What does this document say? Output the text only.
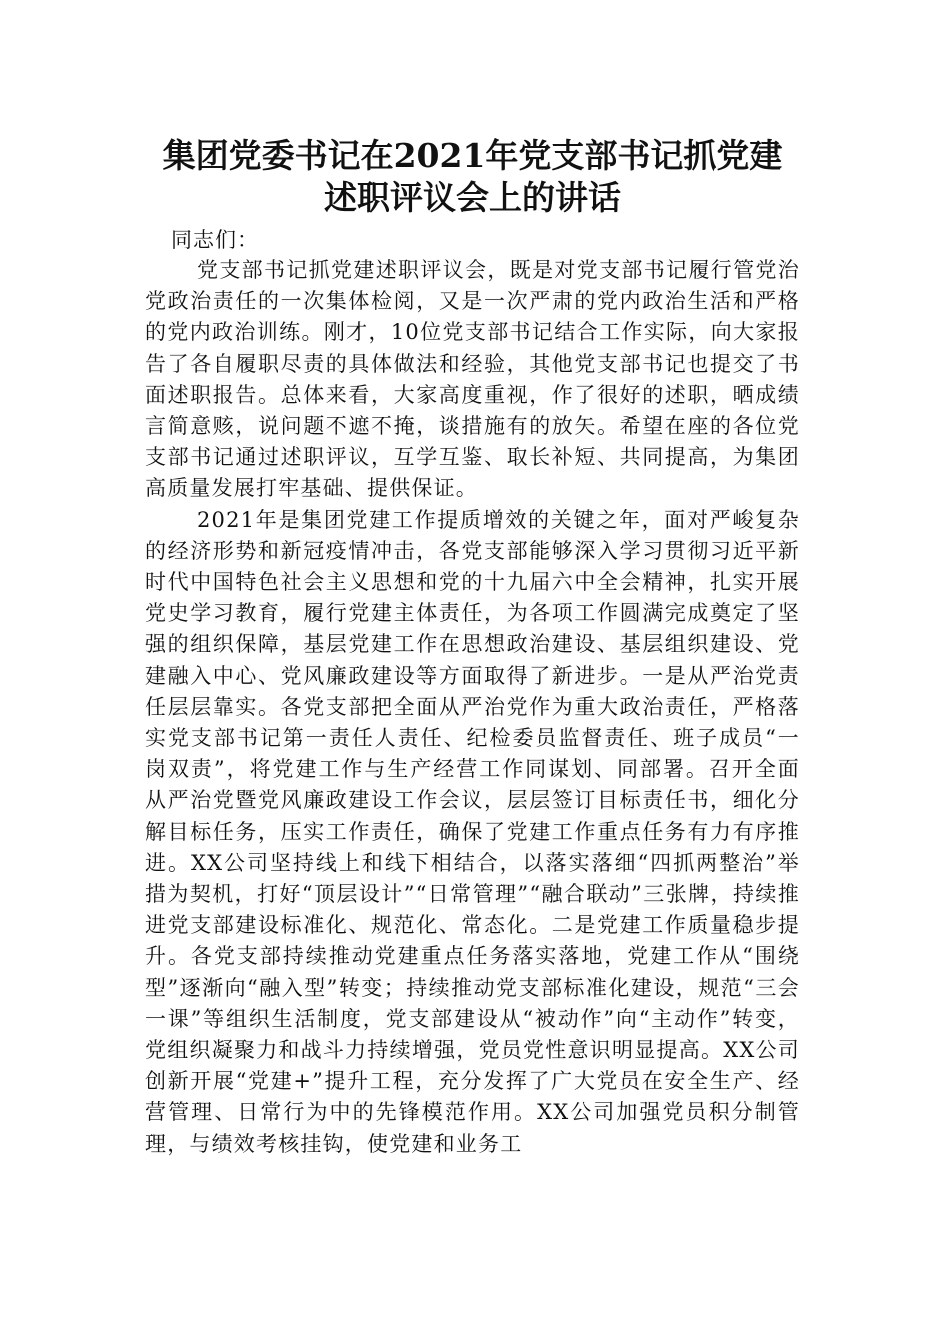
集团党委书记在2021年党支部书记抓党建
述职评议会上的讲话

同志们：

党支部书记抓党建述职评议会，既是对党支部书记履行管党治党政治责任的一次集体检阅，又是一次严肃的党内政治生活和严格的党内政治训练。刚才，10位党支部书记结合工作实际，向大家报告了各自履职尽责的具体做法和经验，其他党支部书记也提交了书面述职报告。总体来看，大家高度重视，作了很好的述职，晒成绩言简意赅，说问题不遮不掩，谈措施有的放矢。希望在座的各位党支部书记通过述职评议，互学互鉴、取长补短、共同提高，为集团高质量发展打牢基础、提供保证。

2021年是集团党建工作提质增效的关键之年，面对严峻复杂的经济形势和新冠疫情冲击，各党支部能够深入学习贯彻习近平新时代中国特色社会主义思想和党的十九届六中全会精神，扎实开展党史学习教育，履行党建主体责任，为各项工作圆满完成奠定了坚强的组织保障，基层党建工作在思想政治建设、基层组织建设、党建融入中心、党风廉政建设等方面取得了新进步。一是从严治党责任层层靠实。各党支部把全面从严治党作为重大政治责任，严格落实党支部书记第一责任人责任、纪检委员监督责任、班子成员“一岗双责”，将党建工作与生产经营工作同谋划、同部署。召开全面从严治党暨党风廉政建设工作会议，层层签订目标责任书，细化分解目标任务，压实工作责任，确保了党建工作重点任务有力有序推进。XX公司坚持线上和线下相结合，以落实落细“四抓两整治”举措为契机，打好“顶层设计”“日常管理”“融合联动”三张牌，持续推进党支部建设标准化、规范化、常态化。二是党建工作质量稳步提升。各党支部持续推动党建重点任务落实落地，党建工作从“围绕型”逐渐向“融入型”转变；持续推动党支部标准化建设，规范“三会一课”等组织生活制度，党支部建设从“被动作”向“主动作”转变，党组织凝聚力和战斗力持续增强，党员党性意识明显提高。XX公司创新开展“党建+”提升工程，充分发挥了广大党员在安全生产、经营管理、日常行为中的先锋模范作用。XX公司加强党员积分制管理，与绩效考核挂钩，使党建和业务工
